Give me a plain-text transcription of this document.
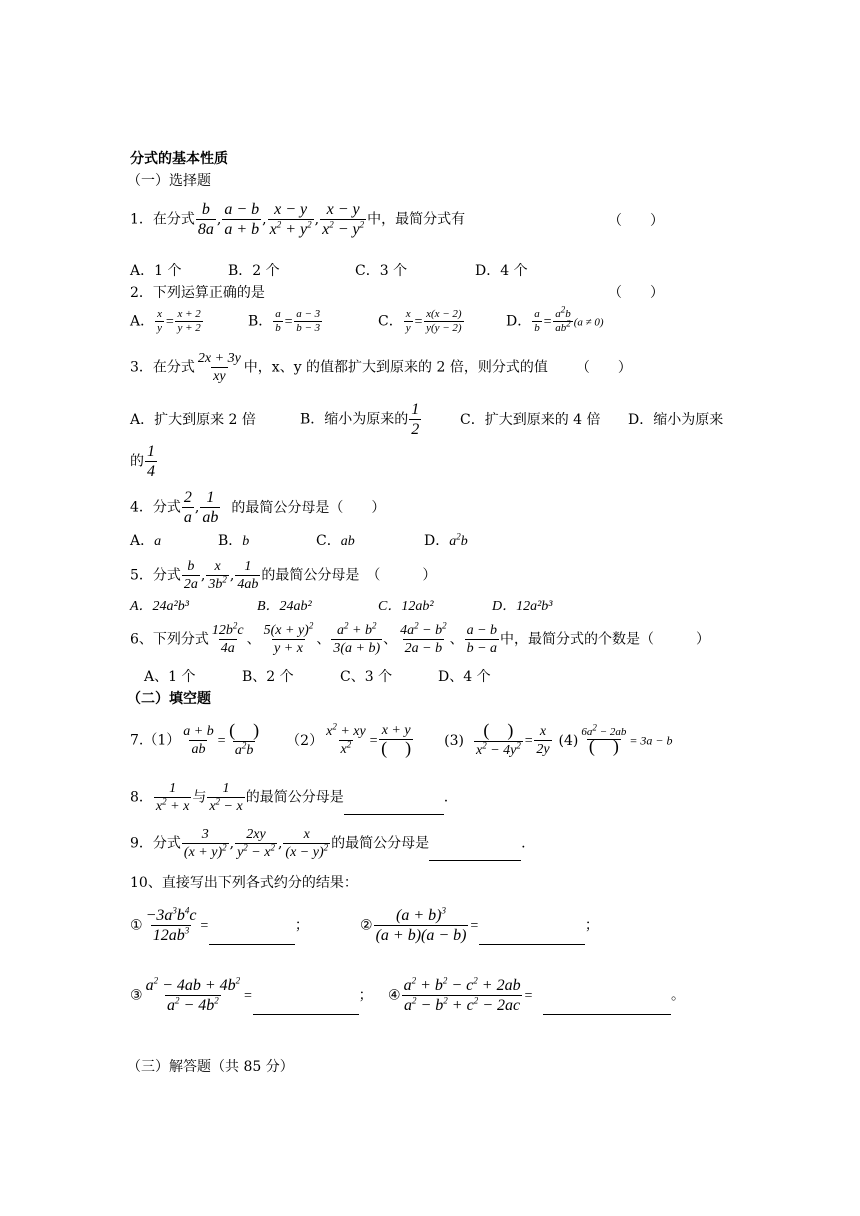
分式的基本性质
（一）选择题
1．在分式 $\frac{b}{8a}$ , $\frac{a - b}{a + b}$ , $\frac{x - y}{x^2 + y^2}$ , $\frac{x - y}{x^2 - y^2}$ 中，最简分式有	（　　）
A．1 个	B．2 个	C．3 个	D．4 个
2．下列运算正确的是	（　　）
A． $\frac{x}{y} = \frac{x + 2}{y + 2}$	B． $\frac{a}{b} = \frac{a - 3}{b - 3}$	C． $\frac{x}{y} = \frac{x(x - 2)}{y(y - 2)}$	D． $\frac{a}{b} = \frac{a^2b}{ab^2} (a \ne 0)$
3．在分式 $\frac{2x + 3y}{xy}$ 中，x、y 的值都扩大到原来的 2 倍，则分式的值 （　　）
A．扩大到原来 2 倍	B．缩小为原来的 $\frac{1}{2}$	C．扩大到原来的 4 倍 D．缩小为原来
的 $\frac{1}{4}$
4．分式 $\frac{2}{a}$ , $\frac{1}{ab}$ 的最简公分母是（　　）
A．a	B．b	C．ab	D．$a^2b$
5．分式 $\frac{b}{2a}$ , $\frac{x}{3b^2}$ , $\frac{1}{4ab}$ 的最简公分母是　（　　　）
A．24a²b³	B．24ab²	C．12ab²	D．12a²b³
6、下列分式 $\frac{12b^2c}{4a}$ 、 $\frac{5(x + y)^2}{y + x}$ 、 $\frac{a^2 + b^2}{3(a + b)}$ 、 $\frac{4a^2 - b^2}{2a - b}$ 、 $\frac{a - b}{b - a}$ 中，最简分式的个数是（　　　）
A、1 个	B、2 个	C、3 个	D、4 个
（二）填空题
$7.(1) \frac{a + b}{ab} = \frac{( )}{a^2b} (2) \frac{x^2 + xy}{x^2} = \frac{x + y}{( )} (3) \frac{( )}{x^2 - 4y^2} = \frac{x}{2y} (4) \frac{6a^2 - 2ab}{( )} = 3a - b$
8． $\frac{1}{x^2 + x}$ 与 $\frac{1}{x^2 - x}$ 的最简公分母是	.
9．分式 $\frac{3}{(x + y)^2}$ , $\frac{2xy}{y^2 - x^2}$ , $\frac{x}{(x - y)^2}$ 的最简公分母是	.
10、直接写出下列各式约分的结果：
① $\frac{-3a^3b^4c}{12ab^3}$ =	；	② $\frac{(a + b)^3}{(a + b)(a - b)}$ =	；
③ $\frac{a^2 - 4ab + 4b^2}{a^2 - 4b^2}$ =	； ④ $\frac{a^2 + b^2 - c^2 + 2ab}{a^2 - b^2 + c^2 - 2ac}$ =	。
（三）解答题（共 85 分）
